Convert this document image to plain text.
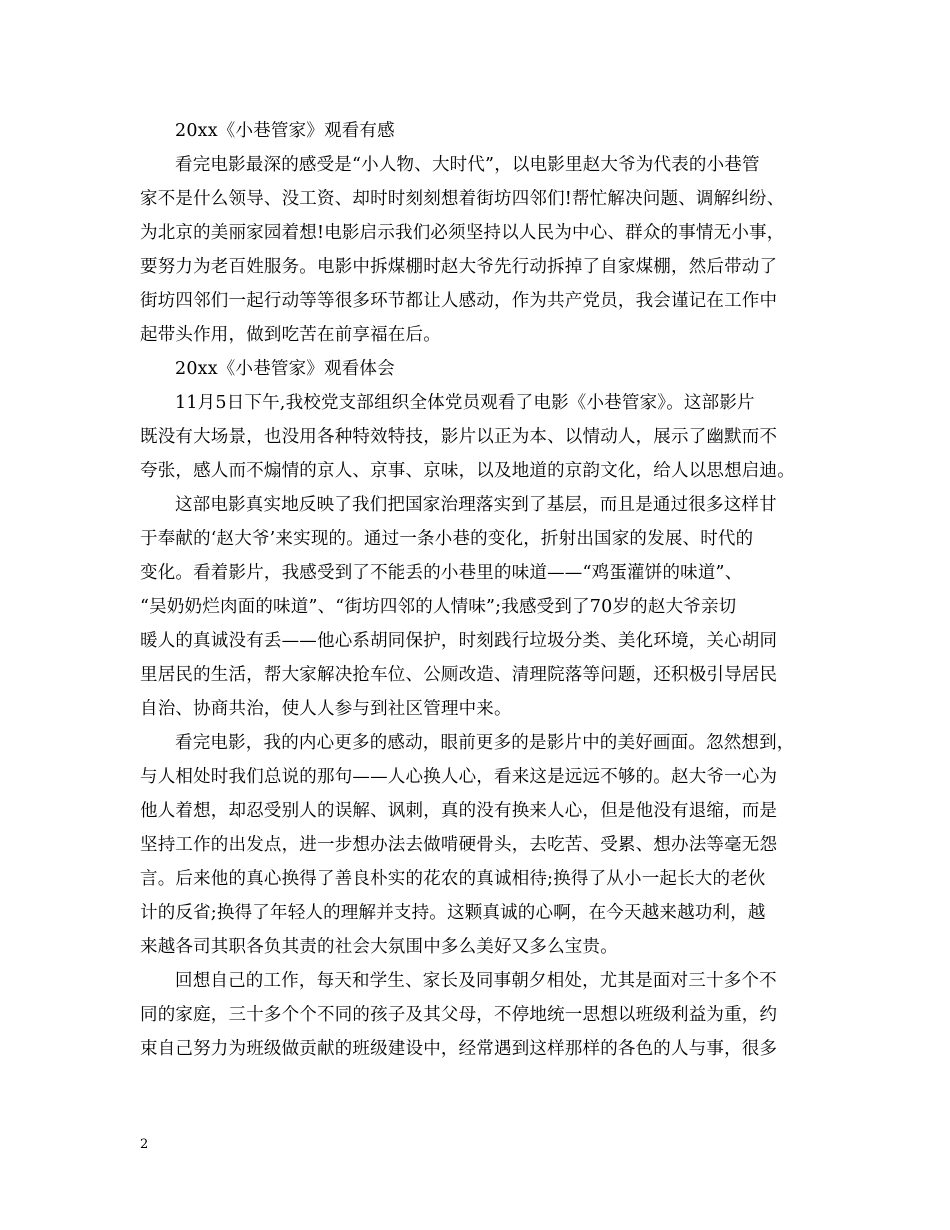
20xx《小巷管家》观看有感
看完电影最深的感受是“小人物、大时代”，以电影里赵大爷为代表的小巷管
家不是什么领导、没工资、却时时刻刻想着街坊四邻们!帮忙解决问题、调解纠纷、
为北京的美丽家园着想!电影启示我们必须坚持以人民为中心、群众的事情无小事，
要努力为老百姓服务。电影中拆煤棚时赵大爷先行动拆掉了自家煤棚，然后带动了
街坊四邻们一起行动等等很多环节都让人感动，作为共产党员，我会谨记在工作中
起带头作用，做到吃苦在前享福在后。
20xx《小巷管家》观看体会
11月5日下午,我校党支部组织全体党员观看了电影《小巷管家》。这部影片
既没有大场景，也没用各种特效特技，影片以正为本、以情动人，展示了幽默而不
夸张，感人而不煽情的京人、京事、京味，以及地道的京韵文化，给人以思想启迪。
这部电影真实地反映了我们把国家治理落实到了基层，而且是通过很多这样甘
于奉献的‘赵大爷’来实现的。通过一条小巷的变化，折射出国家的发展、时代的
变化。看着影片，我感受到了不能丢的小巷里的味道——“鸡蛋灌饼的味道”、
“吴奶奶烂肉面的味道”、“街坊四邻的人情味”;我感受到了70岁的赵大爷亲切
暖人的真诚没有丢——他心系胡同保护，时刻践行垃圾分类、美化环境，关心胡同
里居民的生活，帮大家解决抢车位、公厕改造、清理院落等问题，还积极引导居民
自治、协商共治，使人人参与到社区管理中来。
看完电影，我的内心更多的感动，眼前更多的是影片中的美好画面。忽然想到，
与人相处时我们总说的那句——人心换人心，看来这是远远不够的。赵大爷一心为
他人着想，却忍受别人的误解、讽刺，真的没有换来人心，但是他没有退缩，而是
坚持工作的出发点，进一步想办法去做啃硬骨头，去吃苦、受累、想办法等毫无怨
言。后来他的真心换得了善良朴实的花农的真诚相待;换得了从小一起长大的老伙
计的反省;换得了年轻人的理解并支持。这颗真诚的心啊，在今天越来越功利，越
来越各司其职各负其责的社会大氛围中多么美好又多么宝贵。
回想自己的工作，每天和学生、家长及同事朝夕相处，尤其是面对三十多个不
同的家庭，三十多个个不同的孩子及其父母，不停地统一思想以班级利益为重，约
束自己努力为班级做贡献的班级建设中，经常遇到这样那样的各色的人与事，很多
2
